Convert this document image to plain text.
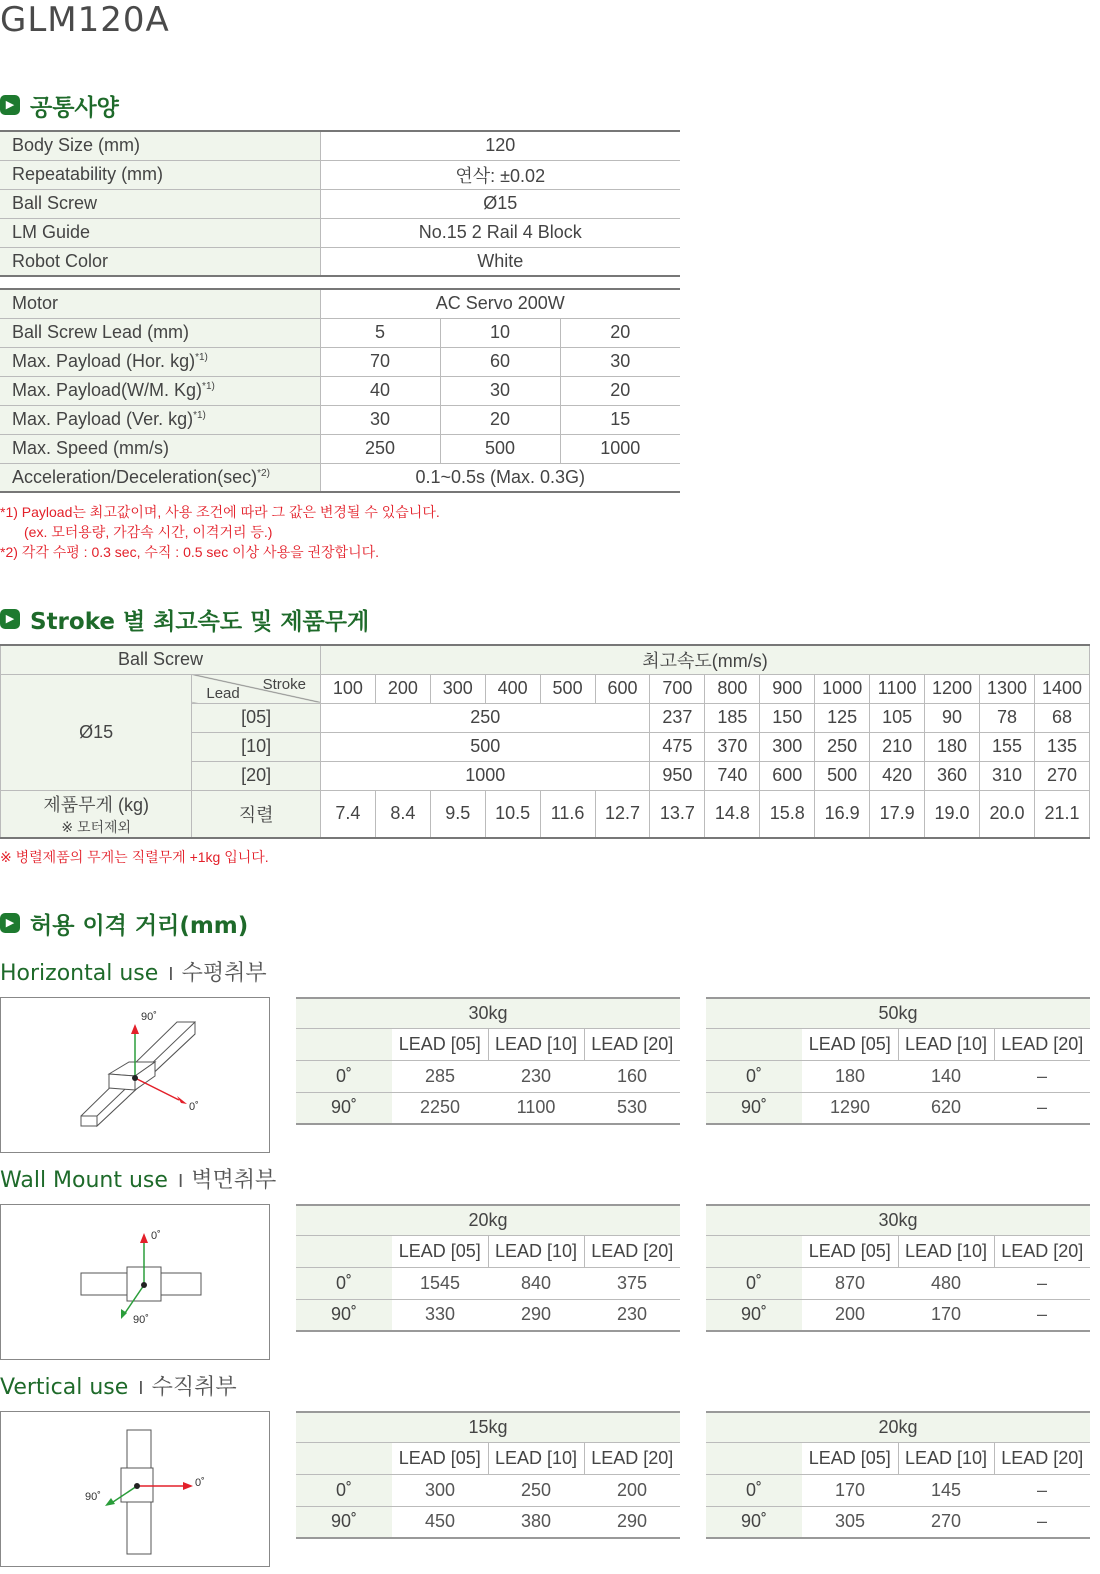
GLM120A
▶ 공통사양
Body Size (mm)	120
Repeatability (mm)	연삭: ±0.02
Ball Screw	Ø15
LM Guide	No.15 2 Rail 4 Block
Robot Color	White
Motor	AC Servo 200W		
Ball Screw Lead (mm)	5	10	20
Max. Payload (Hor. kg)$^{*1)}$	70	60	30
Max. Payload(W/M. Kg)$^{*1)}$	40	30	20
Max. Payload (Ver. kg)$^{*1)}$	30	20	15
Max. Speed (mm/s)	250	500	1000
Acceleration/$Deceleration(\sec)^{*2)}$	0.1~0.5s (Max. 0.3G)		
*1) Payload는 최고값이며, 사용 조건에 따라 그 값은 변경될 수 있습니다.
(ex. 모터용량, 가감속 시간, 이격거리 등.)
*2) 각각 수평 : 0.3 sec, 수직 : 0.5 sec 이상 사용을 권장합니다.
▶ Stroke 별 최고속도 및 제품무게
Ball Screw		최고속도(mm/s)													
Ø15	Stroke
Lead	100	200	300	400	500	600	700	800	900	1000	1100	1200	1300	1400
	[05]	250						237	185	150	125	105	90	78	68
	[10]	500						475	370	300	250	210	180	155	135
	[20]	1000						950	740	600	500	420	360	310	270

제품무게 (kg)
※ 모터제외	직렬	7.4	8.4	9.5	10.5	11.6	12.7	13.7	14.8	15.8	16.9	17.9	19.0	20.0	21.1
※ 병렬제품의 무게는 직렬무게 +1kg 입니다.
▶ 허용 이격 거리(mm)
Horizontal use I 수평취부
30kg			
	LEAD [05]	LEAD [10]	LEAD [20]
0˚	285	230	160
90˚	2250	1100	530
50kg			
	LEAD [05]	LEAD [10]	LEAD [20]
0˚	180	140	–
90˚	1290	620	–
Wall Mount use I 벽면취부
20kg			
	LEAD [05]	LEAD [10]	LEAD [20]
0˚	1545	840	375
90˚	330	290	230
30kg			
	LEAD [05]	LEAD [10]	LEAD [20]
0˚	870	480	–
90˚	200	170	–
Vertical use I 수직취부
15kg			
	LEAD [05]	LEAD [10]	LEAD [20]
0˚	300	250	200
90˚	450	380	290
20kg			
	LEAD [05]	LEAD [10]	LEAD [20]
0˚	170	145	–
90˚	305	270	–
90˚
0˚
0˚
90˚
0˚
90˚
